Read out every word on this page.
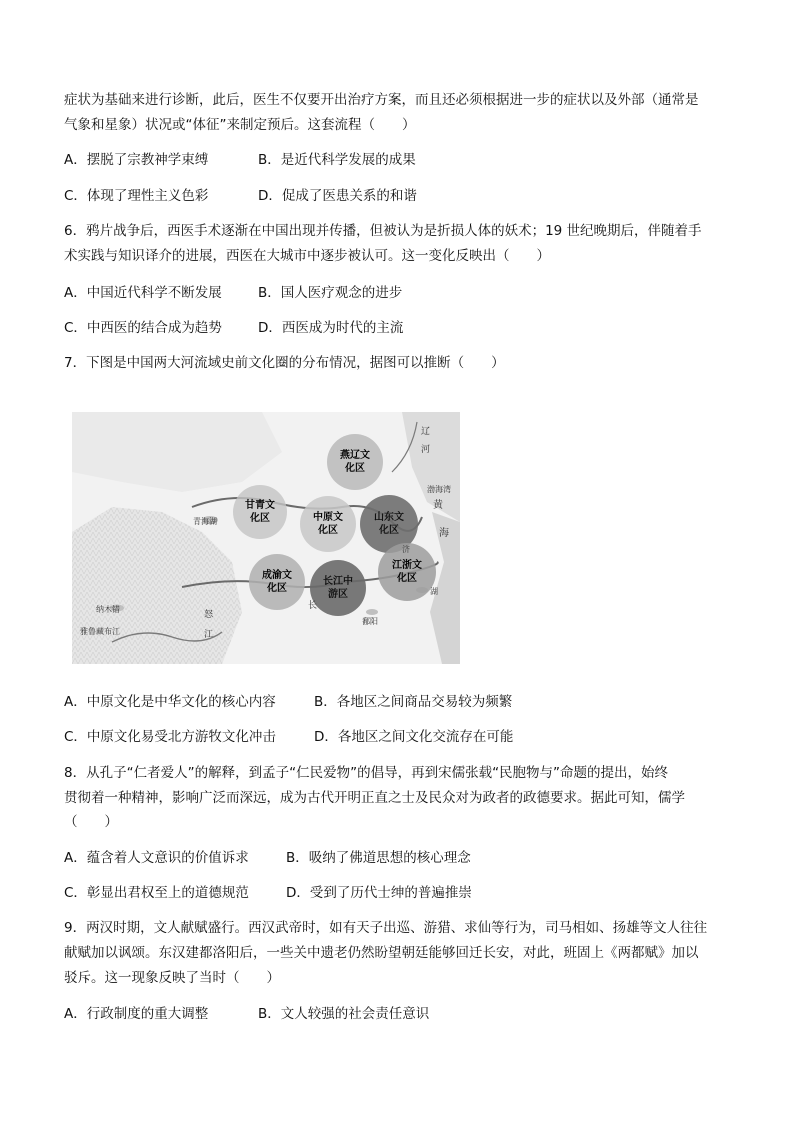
症状为基础来进行诊断，此后，医生不仅要开出治疗方案，而且还必须根据进一步的症状以及外部（通常是
气象和星象）状况或“体征”来制定预后。这套流程（　　）
A．摆脱了宗教神学束缚	B．是近代科学发展的成果
C．体现了理性主义色彩	D．促成了医患关系的和谐
6．鸦片战争后，西医手术逐渐在中国出现并传播，但被认为是折损人体的妖术；19 世纪晚期后，伴随着手
术实践与知识译介的进展，西医在大城市中逐步被认可。这一变化反映出（　　）
A．中国近代科学不断发展	B．国人医疗观念的进步
C．中西医的结合成为趋势	D．西医成为时代的主流
7．下图是中国两大河流域史前文化圈的分布情况，据图可以推断（　　）
燕辽文
化区
甘青文
化区	中原文
化区
山东文
化区
江浙文
化区
成渝文
化区
长江中
游区
辽
河
渤海湾
黄
海
青海湖
纳木错
雅鲁藏布江
怒
江
长
湖
鄱阳
济
A．中原文化是中华文化的核心内容	B．各地区之间商品交易较为频繁
C．中原文化易受北方游牧文化冲击	D．各地区之间文化交流存在可能
8．从孔子“仁者爱人”的解释，到孟子“仁民爱物”的倡导，再到宋儒张载“民胞物与”命题的提出，始终
贯彻着一种精神，影响广泛而深远，成为古代开明正直之士及民众对为政者的政德要求。据此可知，儒学
（　　）
A．蕴含着人文意识的价值诉求	B．吸纳了佛道思想的核心理念
C．彰显出君权至上的道德规范	D．受到了历代士绅的普遍推崇
9．两汉时期，文人献赋盛行。西汉武帝时，如有天子出巡、游猎、求仙等行为，司马相如、扬雄等文人往往
献赋加以讽颂。东汉建都洛阳后，一些关中遗老仍然盼望朝廷能够回迁长安，对此，班固上《两都赋》加以
驳斥。这一现象反映了当时（　　）
A．行政制度的重大调整	B．文人较强的社会责任意识
